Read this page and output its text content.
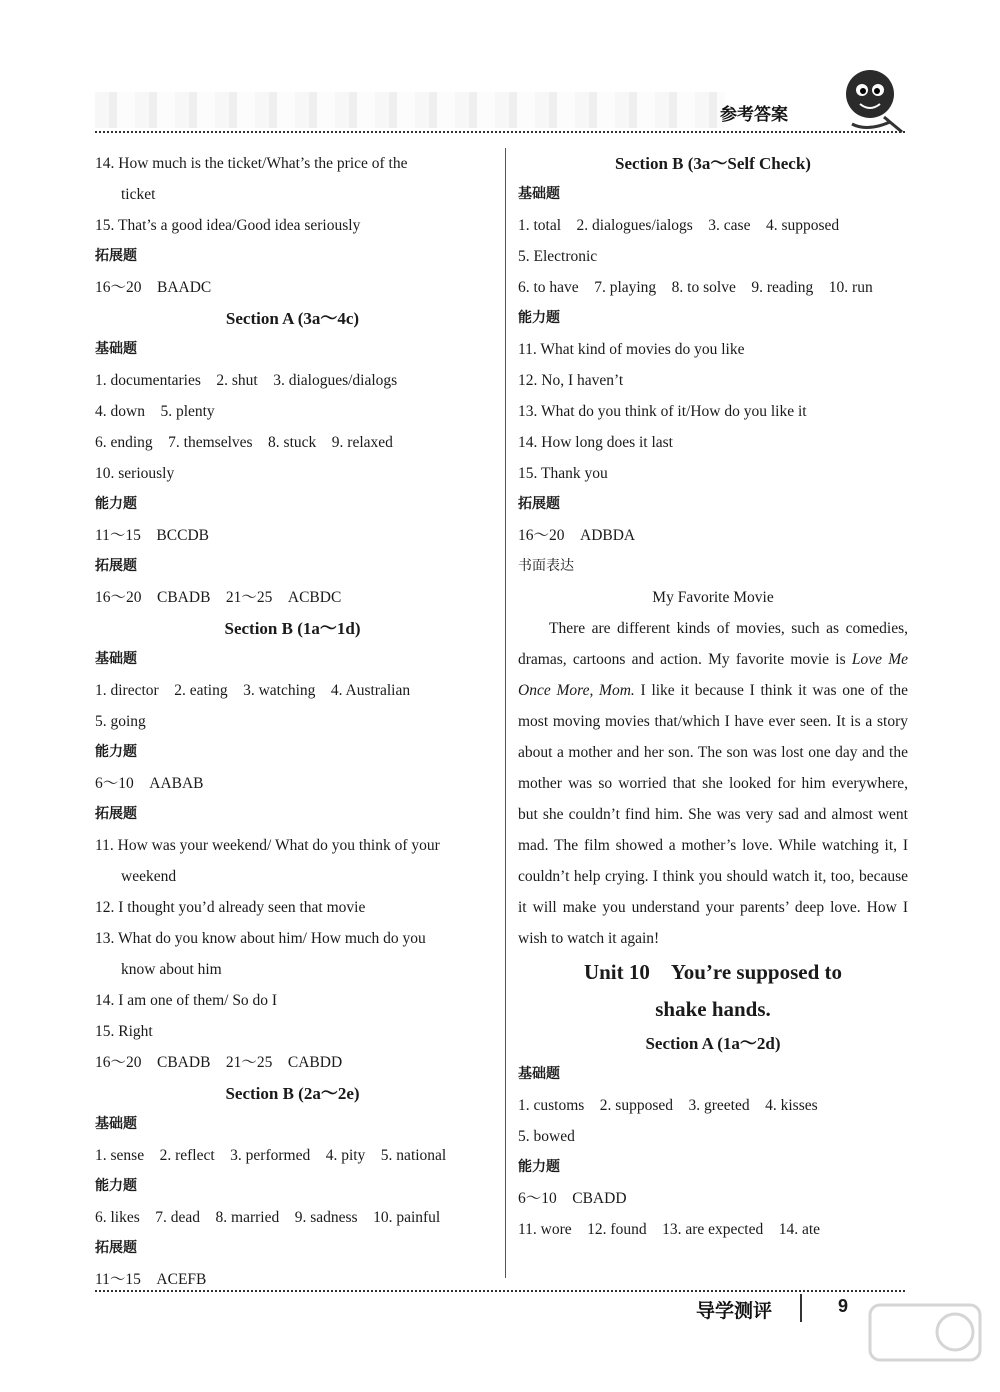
参考答案
14. How much is the ticket/What’s the price of the
ticket
15. That’s a good idea/Good idea seriously
拓展题
16～20　BAADC
Section A (3a～4c)
基础题
1. documentaries　2. shut　3. dialogues/dialogs
4. down　5. plenty
6. ending　7. themselves　8. stuck　9. relaxed
10. seriously
能力题
11～15　BCCDB
拓展题
16～20　CBADB　21～25　ACBDC
Section B (1a～1d)
基础题
1. director　2. eating　3. watching　4. Australian
5. going
能力题
6～10　AABAB
拓展题
11. How was your weekend/ What do you think of your
weekend
12. I thought you’d already seen that movie
13. What do you know about him/ How much do you
know about him
14. I am one of them/ So do I
15. Right
16～20　CBADB　21～25　CABDD
Section B (2a～2e)
基础题
1. sense　2. reflect　3. performed　4. pity　5. national
能力题
6. likes　7. dead　8. married　9. sadness　10. painful
拓展题
11～15　ACEFB
Section B (3a～Self Check)
基础题
1. total　2. dialogues/ialogs　3. case　4. supposed
5. Electronic
6. to have　7. playing　8. to solve　9. reading　10. run
能力题
11. What kind of movies do you like
12. No, I haven’t
13. What do you think of it/How do you like it
14. How long does it last
15. Thank you
拓展题
16～20　ADBDA
书面表达
My Favorite Movie
There are different kinds of movies, such as comedies, dramas, cartoons and action. My favorite movie is Love Me Once More, Mom. I like it because I think it was one of the most moving movies that/which I have ever seen. It is a story about a mother and her son. The son was lost one day and the mother was so worried that she looked for him everywhere, but she couldn’t find him. She was very sad and almost went mad. The film showed a mother’s love. While watching it, I couldn’t help crying. I think you should watch it, too, because it will make you understand your parents’ deep love. How I wish to watch it again!
Unit 10　You’re supposed to
shake hands.
Section A (1a～2d)
基础题
1. customs　2. supposed　3. greeted　4. kisses
5. bowed
能力题
6～10　CBADD
11. wore　12. found　13. are expected　14. ate
导学测评	9
